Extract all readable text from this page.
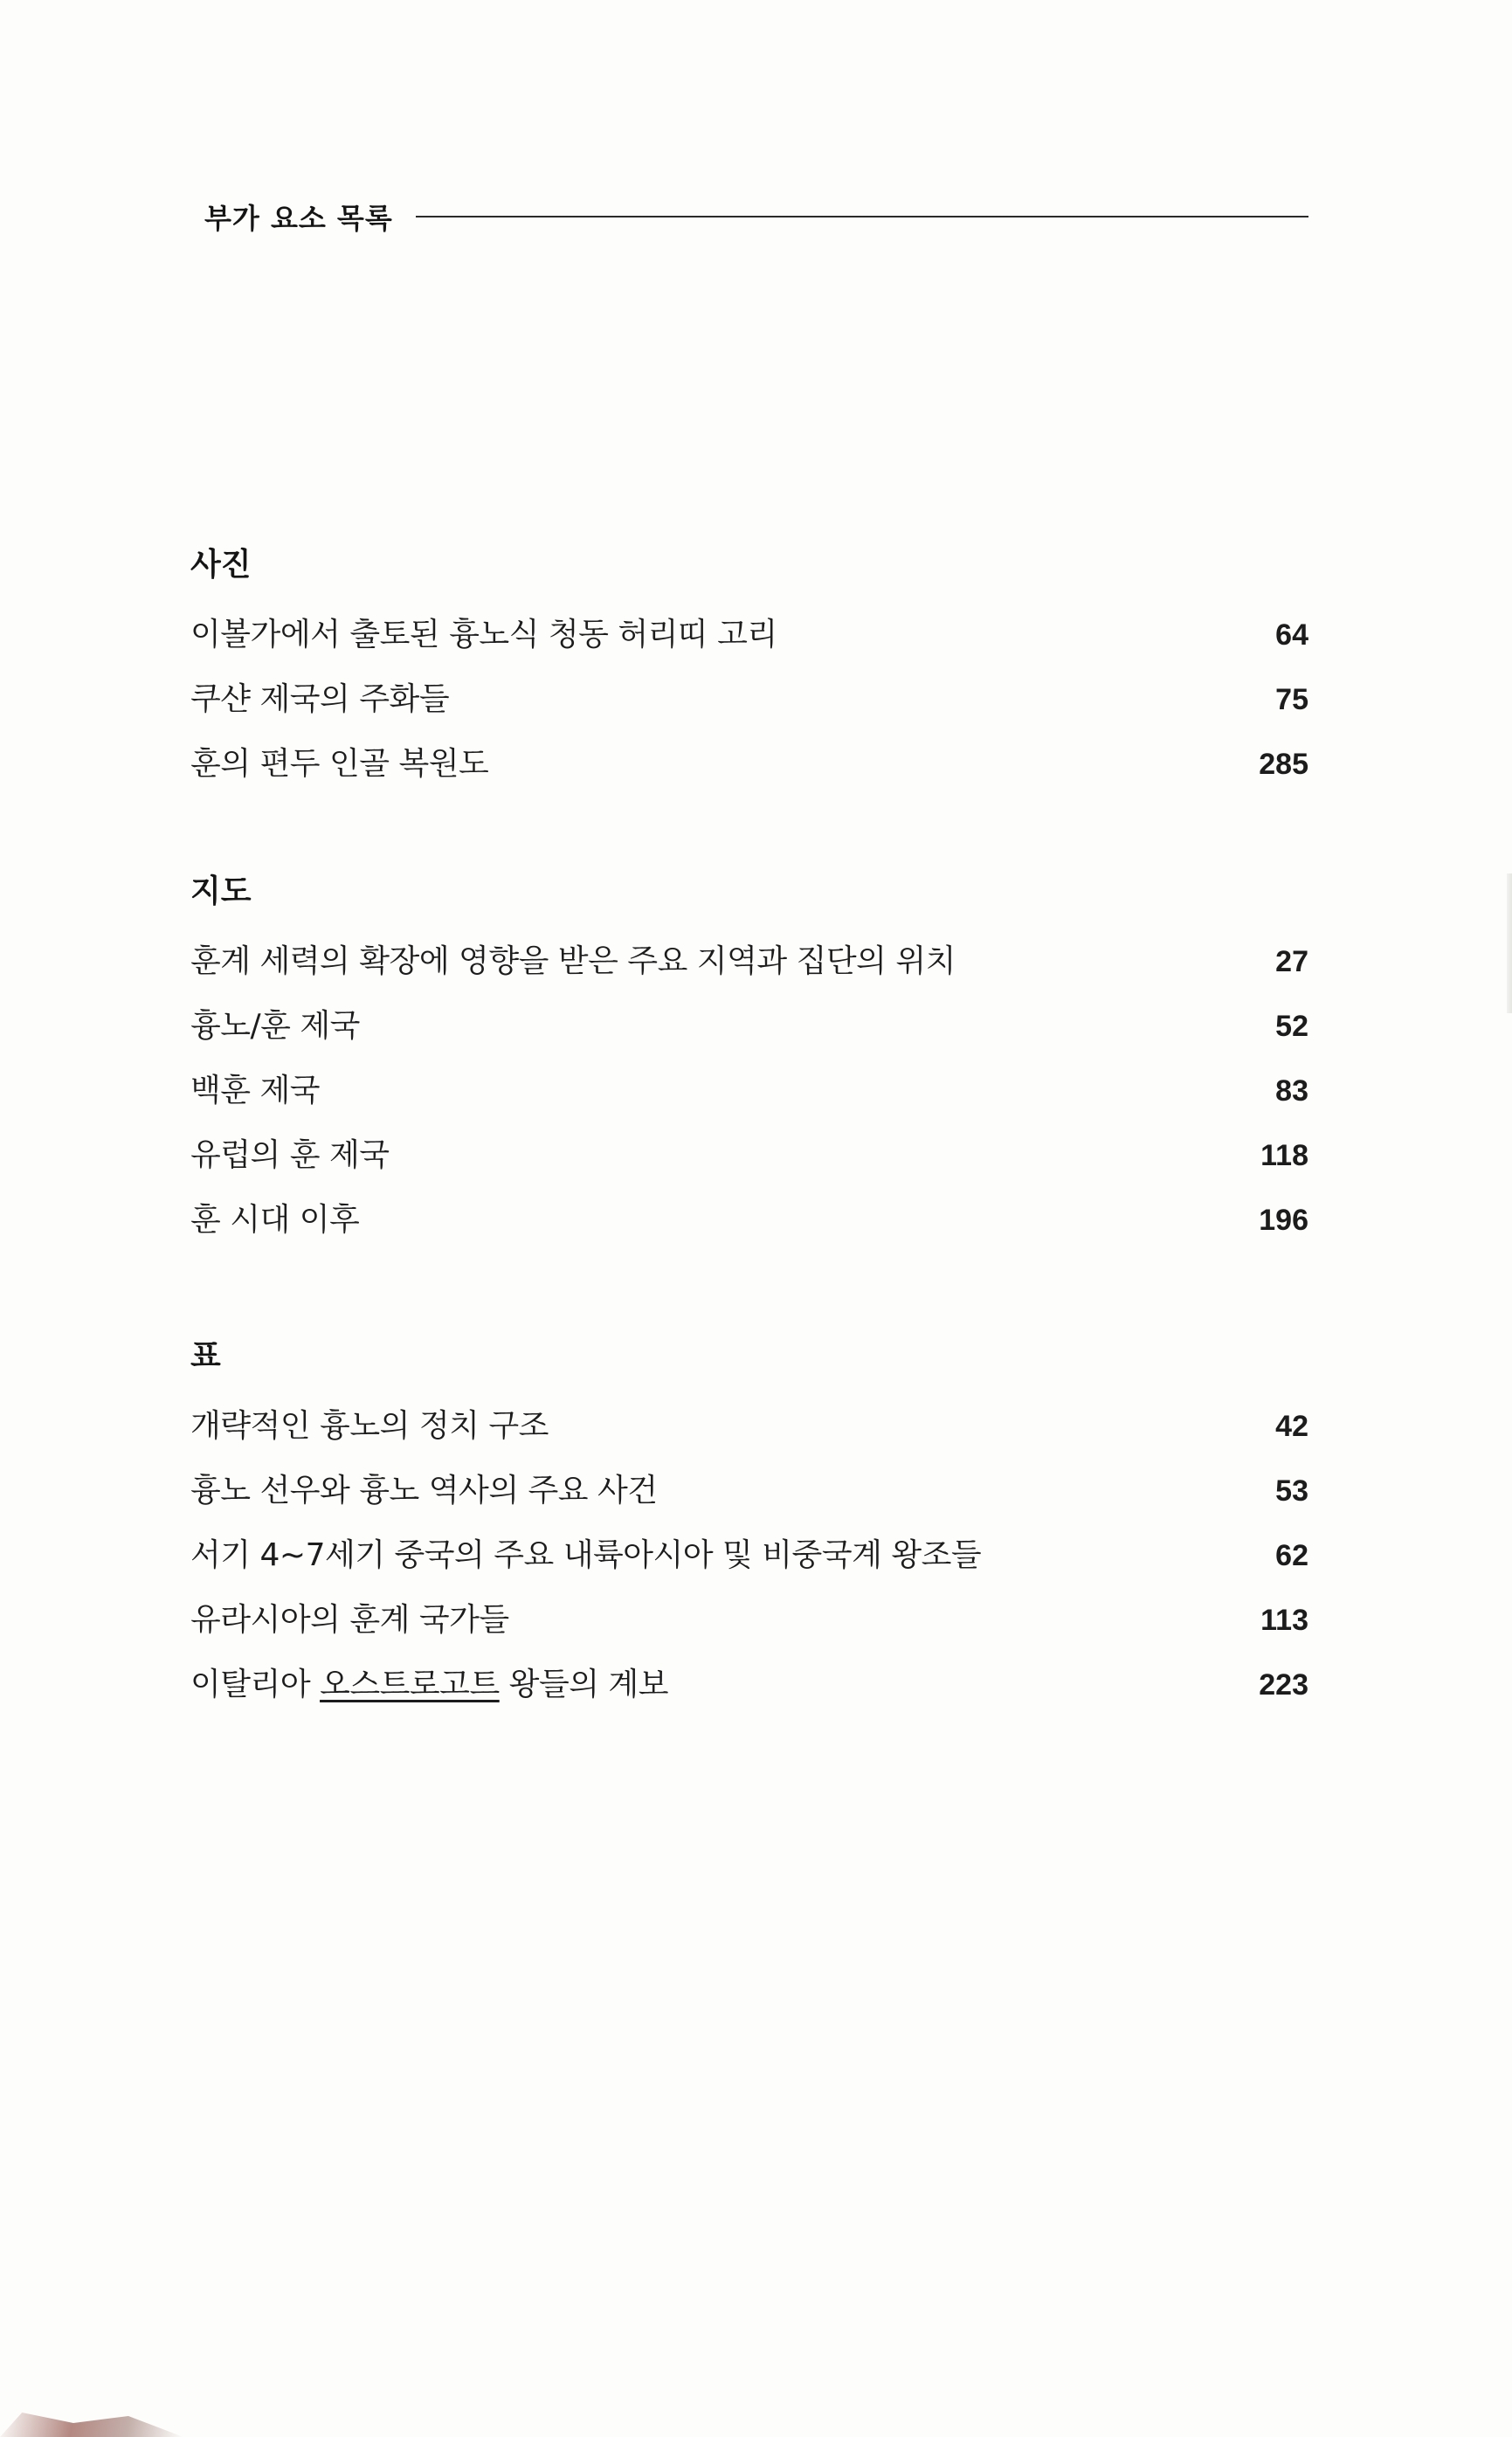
부가 요소 목록
사진
이볼가에서 출토된 흉노식 청동 허리띠 고리	64
쿠샨 제국의 주화들	75
훈의 편두 인골 복원도	285
지도
훈계 세력의 확장에 영향을 받은 주요 지역과 집단의 위치	27
흉노/훈 제국	52
백훈 제국	83
유럽의 훈 제국	118
훈 시대 이후	196
표
개략적인 흉노의 정치 구조	42
흉노 선우와 흉노 역사의 주요 사건	53
서기 4~7세기 중국의 주요 내륙아시아 및 비중국계 왕조들	62
유라시아의 훈계 국가들	113
이탈리아 오스트로고트 왕들의 계보	223
